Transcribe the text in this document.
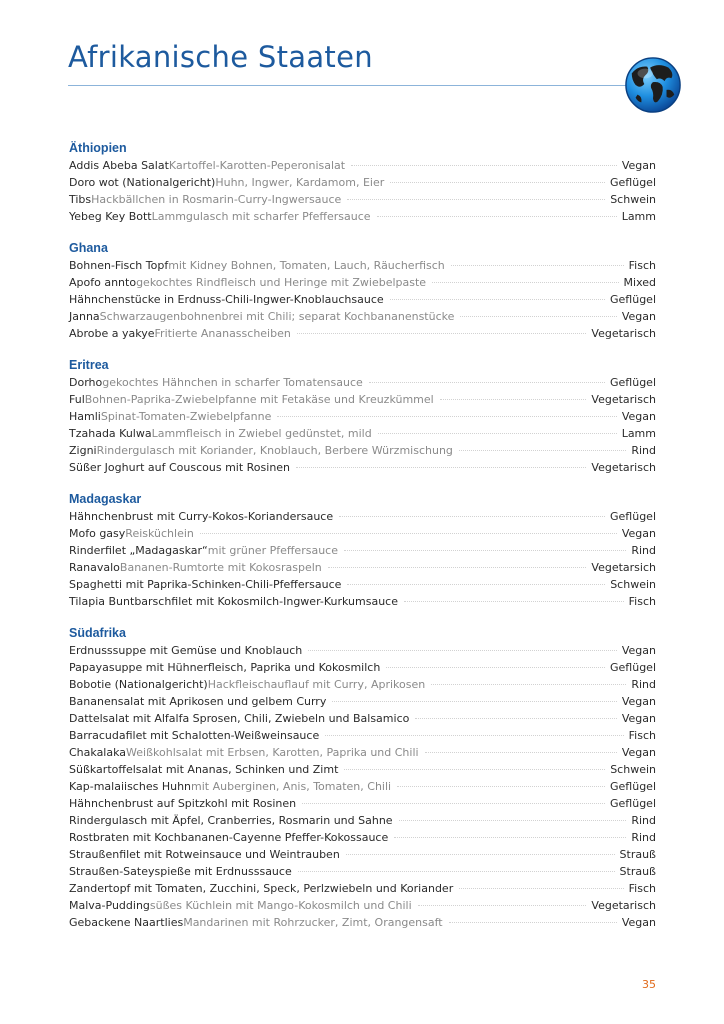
Afrikanische Staaten
Äthiopien
Addis Abeba Salat Kartoffel-Karotten-Peperonisalat	Vegan
Doro wot (Nationalgericht) Huhn, Ingwer, Kardamom, Eier	Geflügel
Tibs Hackbällchen in Rosmarin-Curry-Ingwersauce	Schwein
Yebeg Key Bott Lammgulasch mit scharfer Pfeffersauce	Lamm
Ghana
Bohnen-Fisch Topf mit Kidney Bohnen, Tomaten, Lauch, Räucherfisch	Fisch
Apofo annto gekochtes Rindfleisch und Heringe mit Zwiebelpaste	Mixed
Hähnchenstücke in Erdnuss-Chili-Ingwer-Knoblauchsauce	Geflügel
Janna Schwarzaugenbohnenbrei mit Chili; separat Kochbananenstücke	Vegan
Abrobe a yakye Fritierte Ananasscheiben	Vegetarisch
Eritrea
Dorho gekochtes Hähnchen in scharfer Tomatensauce	Geflügel
Ful Bohnen-Paprika-Zwiebelpfanne mit Fetakäse und Kreuzkümmel	Vegetarisch
Hamli Spinat-Tomaten-Zwiebelpfanne	Vegan
Tzahada Kulwa Lammfleisch in Zwiebel gedünstet, mild	Lamm
Zigni Rindergulasch mit Koriander, Knoblauch, Berbere Würzmischung	Rind
Süßer Joghurt auf Couscous mit Rosinen	Vegetarisch
Madagaskar
Hähnchenbrust mit Curry-Kokos-Koriandersauce	Geflügel
Mofo gasy Reisküchlein	Vegan
Rinderfilet „Madagaskar“ mit grüner Pfeffersauce	Rind
Ranavalo Bananen-Rumtorte mit Kokosraspeln	Vegetarsich
Spaghetti mit Paprika-Schinken-Chili-Pfeffersauce	Schwein
Tilapia Buntbarschfilet mit Kokosmilch-Ingwer-Kurkumsauce	Fisch
Südafrika
Erdnusssuppe mit Gemüse und Knoblauch	Vegan
Papayasuppe mit Hühnerfleisch, Paprika und Kokosmilch	Geflügel
Bobotie (Nationalgericht) Hackfleischauflauf mit Curry, Aprikosen	Rind
Bananensalat mit Aprikosen und gelbem Curry	Vegan
Dattelsalat mit Alfalfa Sprosen, Chili, Zwiebeln und Balsamico	Vegan
Barracudafilet mit Schalotten-Weißweinsauce	Fisch
Chakalaka Weißkohlsalat mit Erbsen, Karotten, Paprika und Chili	Vegan
Süßkartoffelsalat mit Ananas, Schinken und Zimt	Schwein
Kap-malaiisches Huhn mit Auberginen, Anis, Tomaten, Chili	Geflügel
Hähnchenbrust auf Spitzkohl mit Rosinen	Geflügel
Rindergulasch mit Äpfel, Cranberries, Rosmarin und Sahne	Rind
Rostbraten mit Kochbananen-Cayenne Pfeffer-Kokossauce	Rind
Straußenfilet mit Rotweinsauce und Weintrauben	Strauß
Straußen-Sateyspieße mit Erdnusssauce	Strauß
Zandertopf mit Tomaten, Zucchini, Speck, Perlzwiebeln und Koriander	Fisch
Malva-Pudding süßes Küchlein mit Mango-Kokosmilch und Chili	Vegetarisch
Gebackene Naartlies Mandarinen mit Rohrzucker, Zimt, Orangensaft	Vegan
35
